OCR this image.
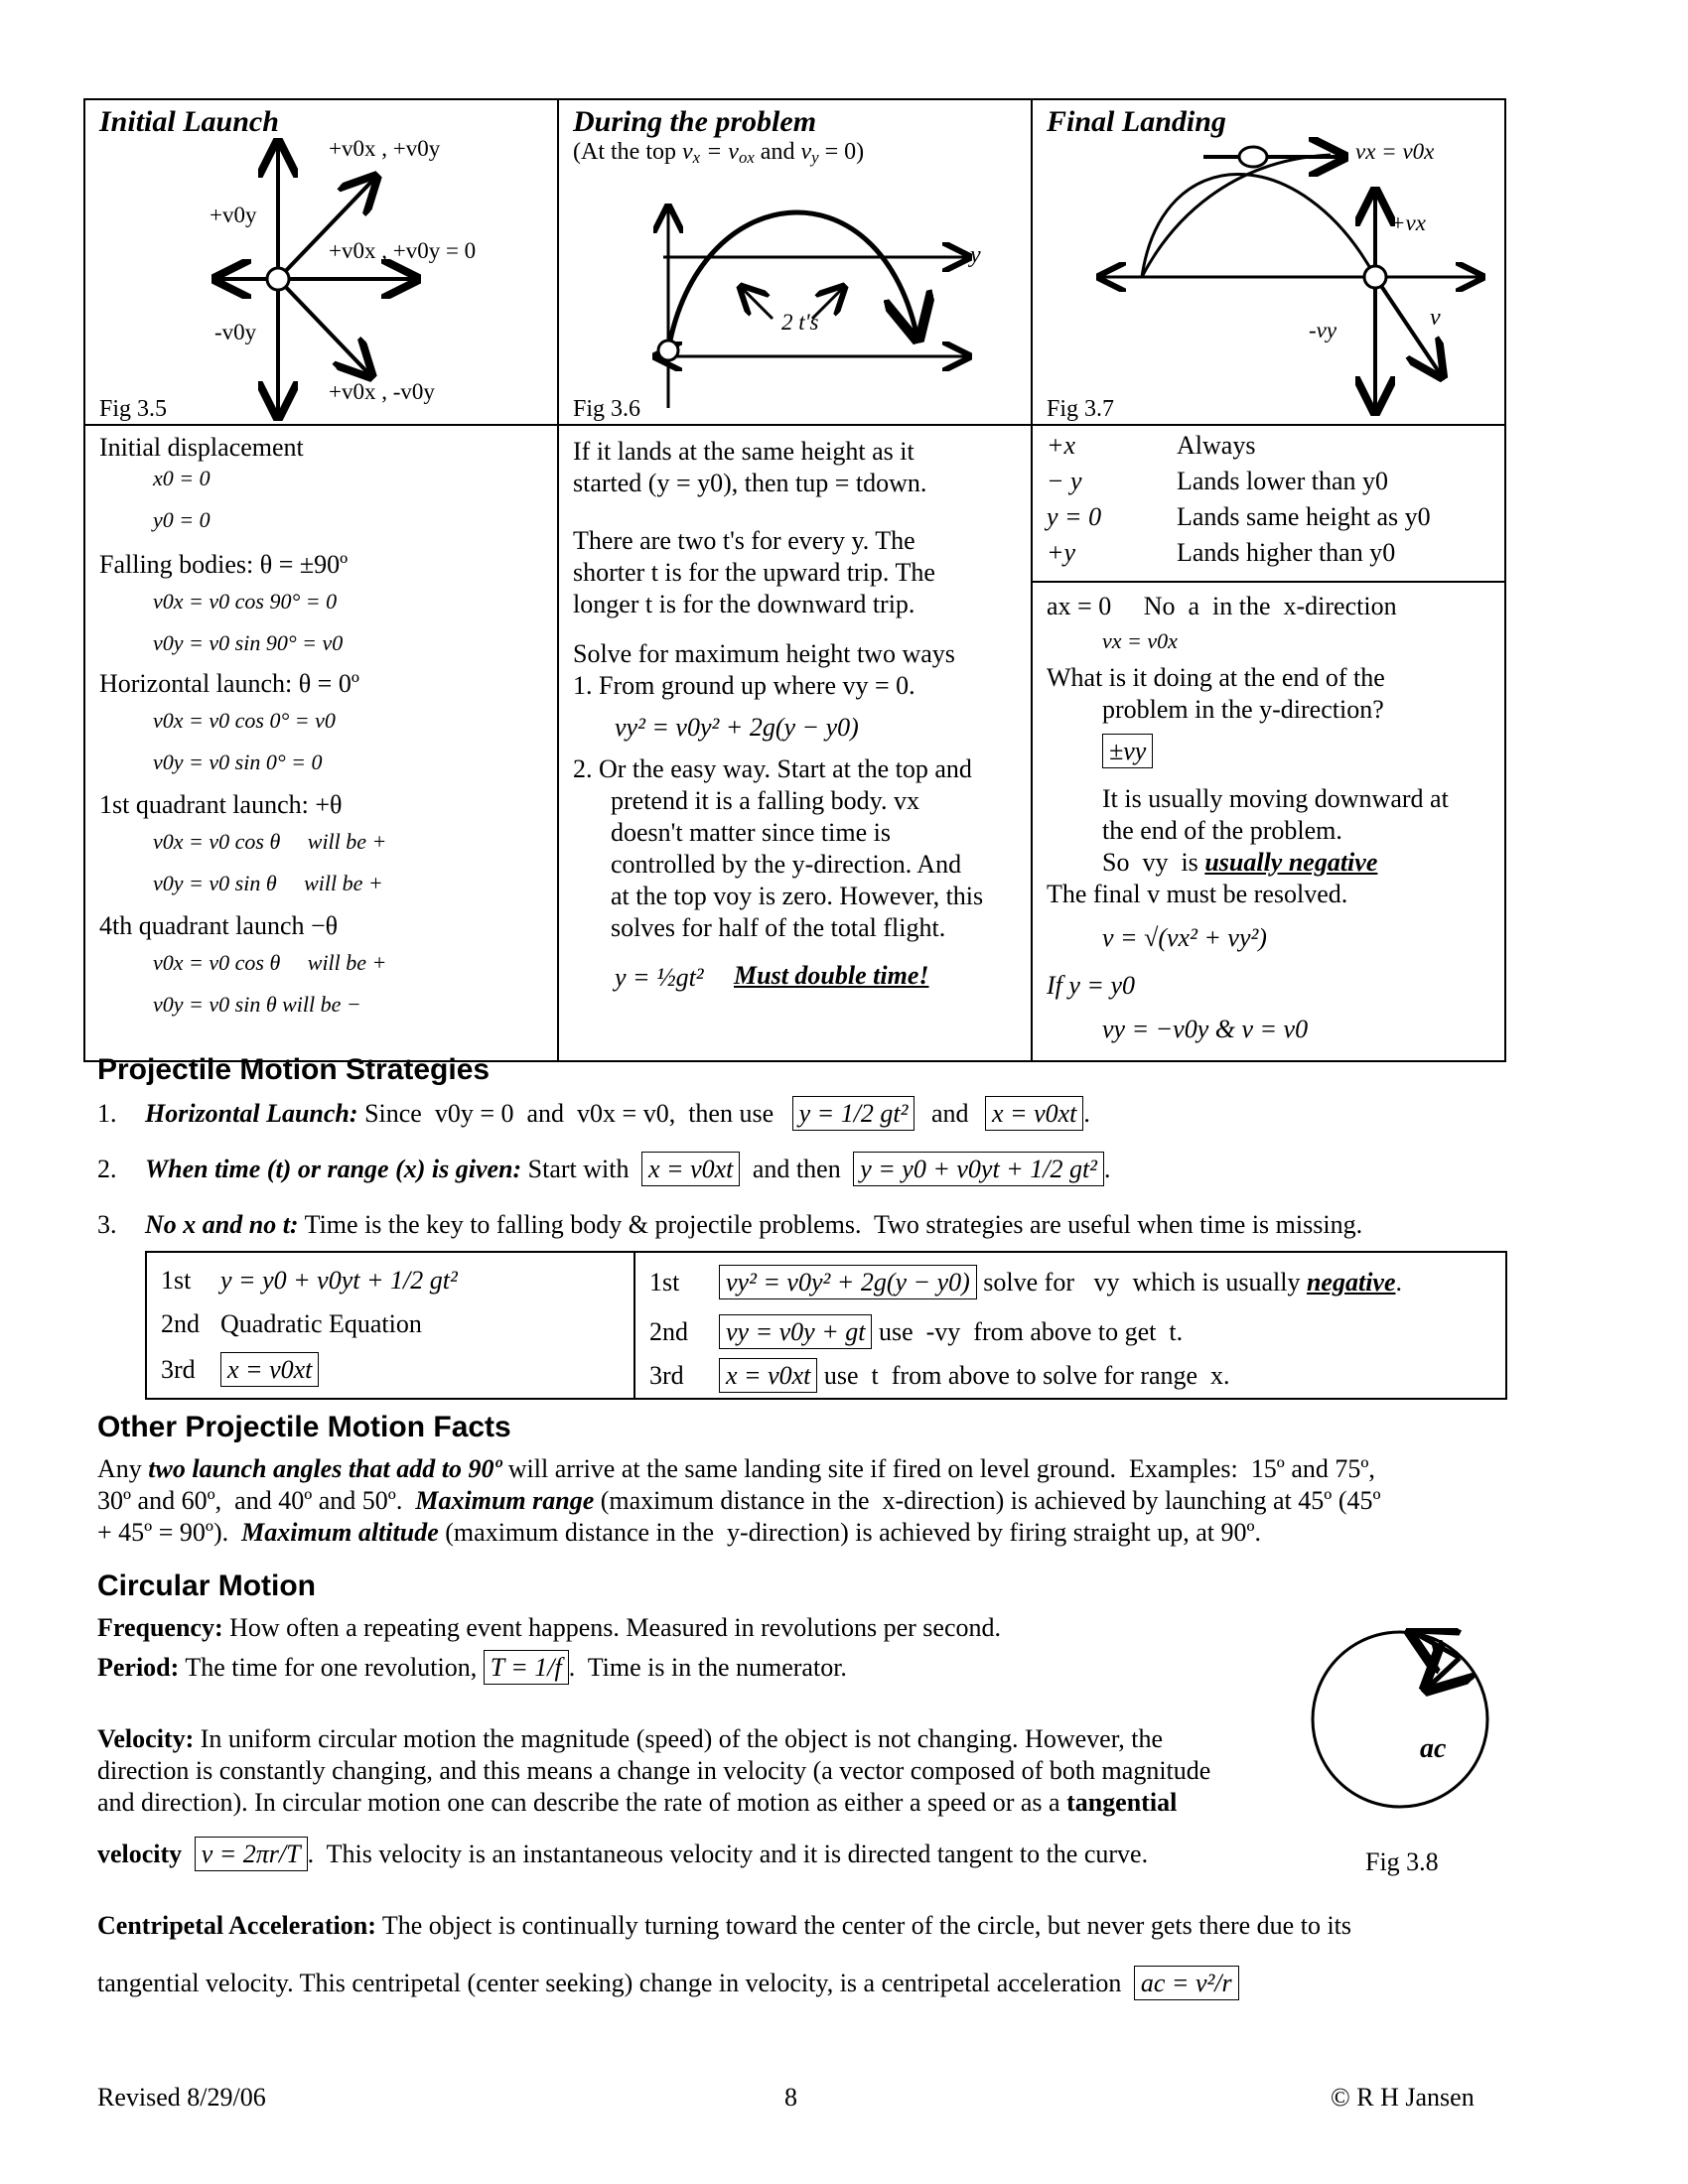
Initial Launch
+v0x , +v0y
+v0y
+v0x , +v0y = 0
-v0y
+v0x , -v0y
Fig 3.5
During the problem
(At the top $v_x = v_{ox}$ and $v_y = 0$)
y
2 t's
Fig 3.6
Final Landing
vx = v0x
+vx
-vy	v
Fig 3.7
Initial displacement
x0 = 0
y0 = 0
Falling bodies: θ = ±90º
v0x = v0 cos 90° = 0
v0y = v0 sin 90° = v0
Horizontal launch: θ = 0º
v0x = v0 cos 0° = v0
v0y = v0 sin 0° = 0
1st quadrant launch: +θ
v0x = v0 cos θ     will be +
v0y = v0 sin θ     will be +
4th quadrant launch −θ
v0x = v0 cos θ     will be +
v0y = v0 sin θ will be −
If it lands at the same height as it
started (y = y0), then tup = tdown.
There are two t's for every y. The
shorter t is for the upward trip. The
longer t is for the downward trip.
Solve for maximum height two ways
1. From ground up where vy = 0.
vy² = v0y² + 2g(y − y0)
2. Or the easy way. Start at the top and
pretend it is a falling body. vx
doesn't matter since time is
controlled by the y-direction. And
at the top voy is zero. However, this
solves for half of the total flight.
y = ½gt² Must double time!
+x	Always
− y	Lands lower than y0
y = 0	Lands same height as y0
+y	Lands higher than y0
ax = 0     No  a  in the  x-direction
vx = v0x
What is it doing at the end of the
problem in the y-direction?
±vy
It is usually moving downward at
the end of the problem.
So  vy  is usually negative
The final v must be resolved.
v = √(vx² + vy²)
If y = y0
vy = −v0y & v = v0
Projectile Motion Strategies
1. Horizontal Launch: Since  v0y = 0  and  v0x = v0,  then use y = 1/2 gt² and x = v0xt .
2. When time (t) or range (x) is given: Start with x = v0xt and then y = y0 + v0yt + 1/2 gt² .
3. No x and no t: Time is the key to falling body & projectile problems.  Two strategies are useful when time is missing.
1st y = y0 + v0yt + 1/2 gt²
2nd Quadratic Equation
3rd x = v0xt
1st vy² = v0y² + 2g(y − y0) solve for   vy  which is usually negative.
2nd vy = v0y + gt use  -vy  from above to get  t.
3rd x = v0xt use  t  from above to solve for range  x.
Other Projectile Motion Facts
Any two launch angles that add to 90º will arrive at the same landing site if fired on level ground.  Examples:  15º and 75º,
30º and 60º,  and 40º and 50º.  Maximum range (maximum distance in the  x-direction) is achieved by launching at 45º (45º
+ 45º = 90º).  Maximum altitude (maximum distance in the  y-direction) is achieved by firing straight up, at 90º.
Circular Motion
Frequency: How often a repeating event happens. Measured in revolutions per second.
Period: The time for one revolution, T = 1/f .  Time is in the numerator.
Velocity: In uniform circular motion the magnitude (speed) of the object is not changing. However, the
direction is constantly changing, and this means a change in velocity (a vector composed of both magnitude
and direction). In circular motion one can describe the rate of motion as either a speed or as a tangential
velocity v = 2πr/T .  This velocity is an instantaneous velocity and it is directed tangent to the curve.
Centripetal Acceleration: The object is continually turning toward the center of the circle, but never gets there due to its
tangential velocity. This centripetal (center seeking) change in velocity, is a centripetal acceleration ac = v²/r
v
ac
Fig 3.8
Revised 8/29/06	8	© R H Jansen
